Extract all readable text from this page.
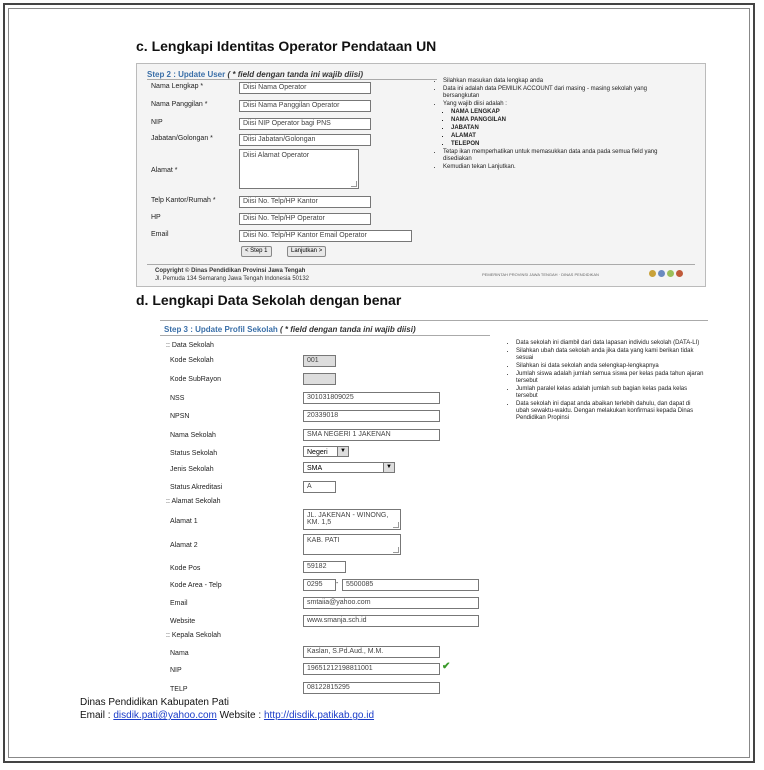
c. Lengkapi Identitas Operator Pendataan UN
Step 2 : Update User ( * field dengan tanda ini wajib diisi)
Nama Lengkap *	Diisi Nama Operator
Nama Panggilan *	Diisi Nama Panggilan Operator
NIP	Diisi NIP Operator bagi PNS
Jabatan/Golongan *	Diisi Jabatan/Golongan
Alamat *
Diisi Alamat Operator
Telp Kantor/Rumah *	Diisi No. Telp/HP Kantor
HP	Diisi No. Telp/HP Operator
Email	Diisi No. Telp/HP Kantor Email Operator
< Step 1	Lanjutkan >
• Silahkan masukan data lengkap anda
• Data ini adalah data PEMILIK ACCOUNT dari masing - masing sekolah yang bersangkutan
• Yang wajib diisi adalah :
▪ NAMA LENGKAP
▪ NAMA PANGGILAN
▪ JABATAN
▪ ALAMAT
▪ TELEPON
• Tetap ikan memperhatikan untuk memasukkan data anda pada semua field yang disediakan
• Kemudian tekan Lanjutkan.
Copyright © Dinas Pendidikan Provinsi Jawa Tengah
Jl. Pemuda 134 Semarang Jawa Tengah Indonesia 50132
PEMERINTAH PROVINSI JAWA TENGAH · DINAS PENDIDIKAN
d. Lengkapi Data Sekolah dengan benar
Step 3 : Update Profil Sekolah ( * field dengan tanda ini wajib diisi)
:: Data Sekolah
Kode Sekolah	001
Kode SubRayon
NSS	301031809025
NPSN	20339018
Nama Sekolah	SMA NEGERI 1 JAKENAN
Status Sekolah	Negeri	▼
Jenis Sekolah	SMA	▼
Status Akreditasi	A
:: Alamat Sekolah
Alamat 1
JL. JAKENAN - WINONG, KM. 1,5
Alamat 2
KAB. PATI
Kode Pos	59182
Kode Area - Telp	0295	-	5500085
Email	smtaiia@yahoo.com
Website	www.smanja.sch.id
:: Kepala Sekolah
Nama	Kaslan, S.Pd.Aud., M.M.
NIP	19651212198811001	✔
TELP	08122815295
• Data sekolah ini diambil dari data lapasan individu sekolah (DATA-LI)
• Silahkan ubah data sekolah anda jika data yang kami berikan tidak sesuai
• Silahkan isi data sekolah anda selengkap-lengkapnya
• Jumlah siswa adalah jumlah semua siswa per kelas pada tahun ajaran tersebut
• Jumlah paralel kelas adalah jumlah sub bagian kelas pada kelas tersebut
• Data sekolah ini dapat anda abaikan terlebih dahulu, dan dapat di ubah sewaktu-waktu. Dengan melakukan konfirmasi kepada Dinas Pendidikan Propinsi
Dinas Pendidikan Kabupaten Pati
Email : disdik.pati@yahoo.com Website : http://disdik.patikab.go.id
